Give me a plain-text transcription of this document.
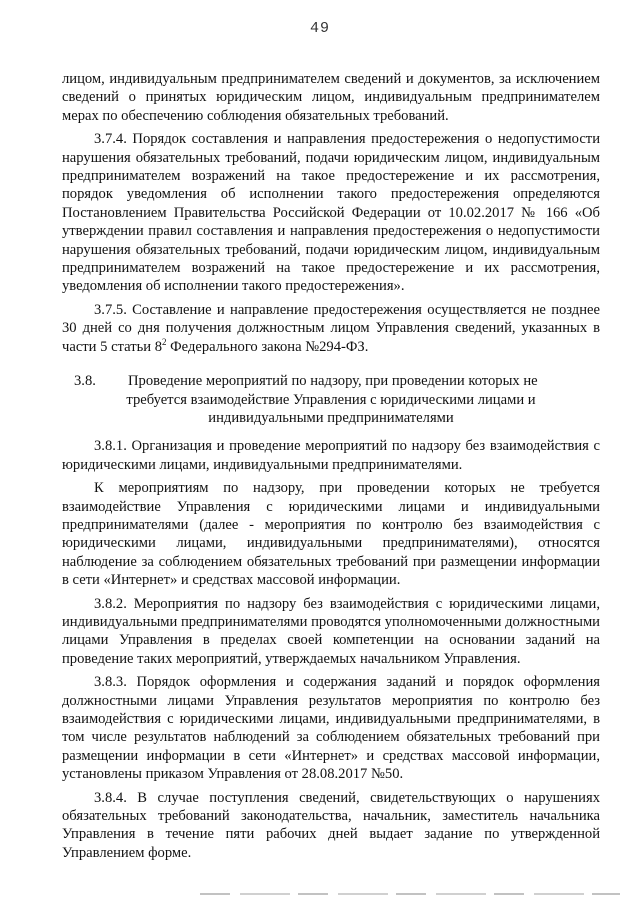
49

лицом, индивидуальным предпринимателем сведений и документов, за исключением сведений о принятых юридическим лицом, индивидуальным предпринимателем мерах по обеспечению соблюдения обязательных требований.

3.7.4. Порядок составления и направления предостережения о недопустимости нарушения обязательных требований, подачи юридическим лицом, индивидуальным предпринимателем возражений на такое предостережение и их рассмотрения, порядок уведомления об исполнении такого предостережения определяются Постановлением Правительства Российской Федерации от 10.02.2017 № 166 «Об утверждении правил составления и направления предостережения о недопустимости нарушения обязательных требований, подачи юридическим лицом, индивидуальным предпринимателем возражений на такое предостережение и их рассмотрения, уведомления об исполнении такого предостережения».

3.7.5. Составление и направление предостережения осуществляется не позднее 30 дней со дня получения должностным лицом Управления сведений, указанных в части 5 статьи $8^2$ Федерального закона №294-ФЗ.

3.8.	Проведение мероприятий по надзору, при проведении которых не
требуется взаимодействие Управления с юридическими лицами и
индивидуальными предпринимателями

3.8.1. Организация и проведение мероприятий по надзору без взаимодействия с юридическими лицами, индивидуальными предпринимателями.

К мероприятиям по надзору, при проведении которых не требуется взаимодействие Управления с юридическими лицами и индивидуальными предпринимателями (далее - мероприятия по контролю без взаимодействия с юридическими лицами, индивидуальными предпринимателями), относятся наблюдение за соблюдением обязательных требований при размещении информации в сети «Интернет» и средствах массовой информации.

3.8.2. Мероприятия по надзору без взаимодействия с юридическими лицами, индивидуальными предпринимателями проводятся уполномоченными должностными лицами Управления в пределах своей компетенции на основании заданий на проведение таких мероприятий, утверждаемых начальником Управления.

3.8.3. Порядок оформления и содержания заданий и порядок оформления должностными лицами Управления результатов мероприятия по контролю без взаимодействия с юридическими лицами, индивидуальными предпринимателями, в том числе результатов наблюдений за соблюдением обязательных требований при размещении информации в сети «Интернет» и средствах массовой информации, установлены приказом Управления от 28.08.2017 №50.

3.8.4. В случае поступления сведений, свидетельствующих о нарушениях обязательных требований законодательства, начальник, заместитель начальника Управления в течение пяти рабочих дней выдает задание по утвержденной Управлением форме.
